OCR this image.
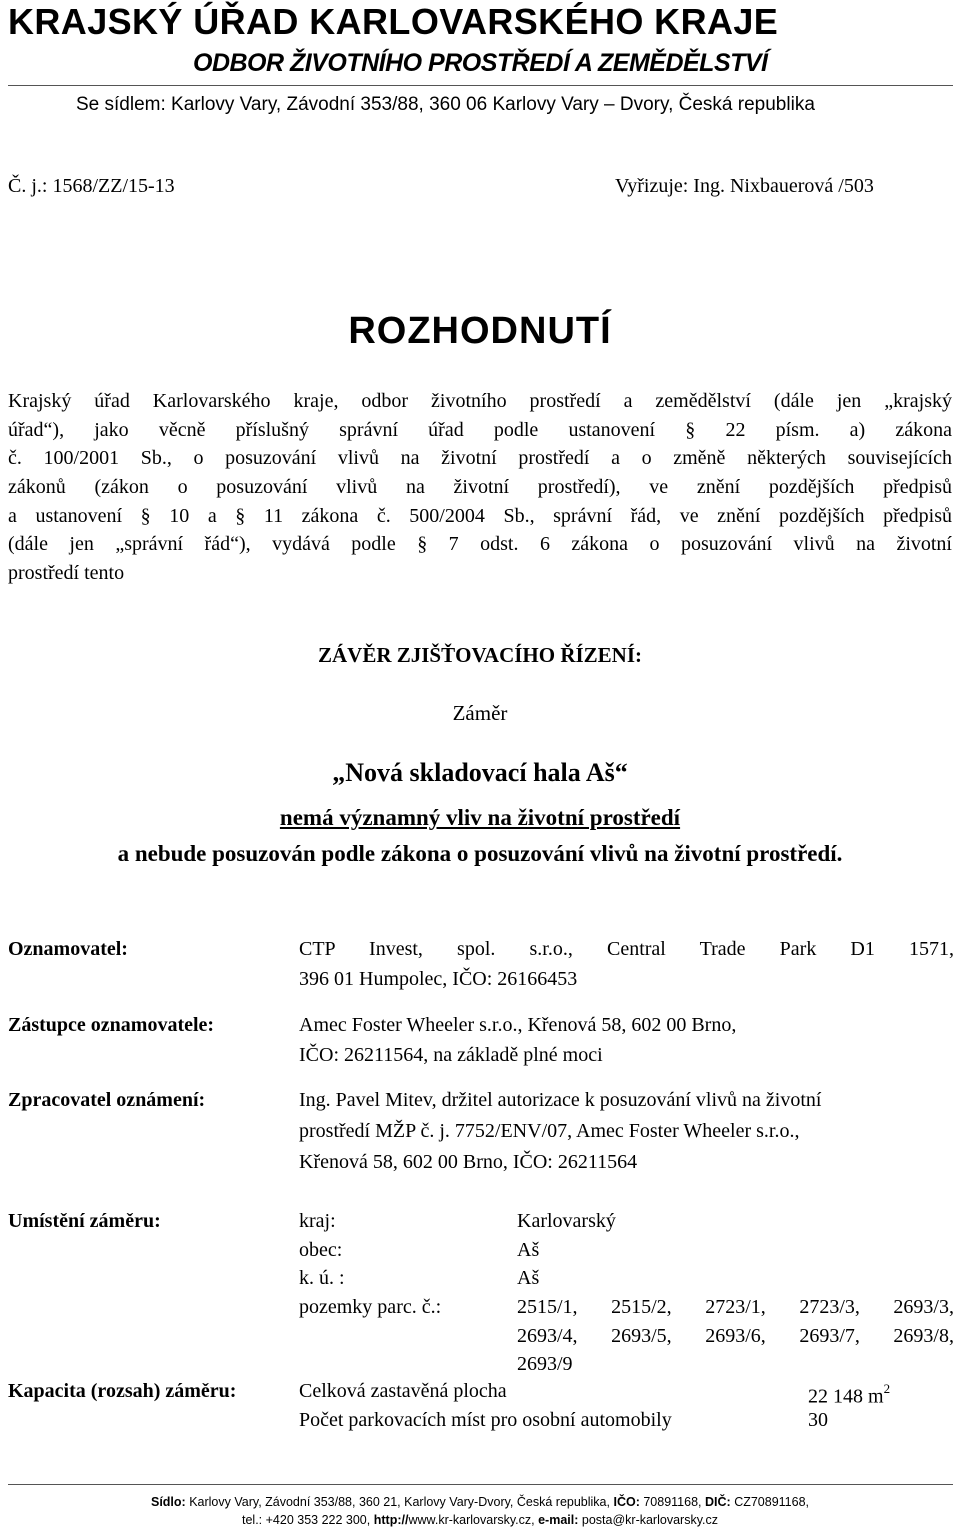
KRAJSKÝ ÚŘAD KARLOVARSKÉHO KRAJE
ODBOR ŽIVOTNÍHO PROSTŘEDÍ A ZEMĚDĚLSTVÍ
Se sídlem: Karlovy Vary, Závodní 353/88, 360 06 Karlovy Vary – Dvory, Česká republika
Č. j.: 1568/ZZ/15-13	Vyřizuje: Ing. Nixbauerová /503
ROZHODNUTÍ
Krajský úřad Karlovarského kraje, odbor životního prostředí a zemědělství (dále jen „krajský
úřad“), jako věcně příslušný správní úřad podle ustanovení § 22 písm. a) zákona
č. 100/2001 Sb., o posuzování vlivů na životní prostředí a o změně některých souvisejících
zákonů (zákon o posuzování vlivů na životní prostředí), ve znění pozdějších předpisů
a ustanovení § 10 a § 11 zákona č. 500/2004 Sb., správní řád, ve znění pozdějších předpisů
(dále jen „správní řád“), vydává podle § 7 odst. 6 zákona o posuzování vlivů na životní
prostředí tento
ZÁVĚR ZJIŠŤOVACÍHO ŘÍZENÍ:
Záměr
„Nová skladovací hala Aš“
nemá významný vliv na životní prostředí
a nebude posuzován podle zákona o posuzování vlivů na životní prostředí.
Oznamovatel:	CTP Invest, spol. s.r.o., Central Trade Park D1 1571,
396 01 Humpolec, IČO: 26166453
Zástupce oznamovatele:	Amec Foster Wheeler s.r.o., Křenová 58, 602 00 Brno,
IČO: 26211564, na základě plné moci
Zpracovatel oznámení:	Ing. Pavel Mitev, držitel autorizace k posuzování vlivů na životní
prostředí MŽP č. j. 7752/ENV/07, Amec Foster Wheeler s.r.o.,
Křenová 58, 602 00 Brno, IČO: 26211564
Umístění záměru:	kraj:	Karlovarský
obec:	Aš
k. ú. :	Aš
pozemky parc. č.:	2515/1, 2515/2, 2723/1, 2723/3, 2693/3,
2693/4, 2693/5, 2693/6, 2693/7, 2693/8,
2693/9
Kapacita (rozsah) záměru:	Celková zastavěná plocha	22 148 $m^2$
Počet parkovacích míst pro osobní automobily	30
Sídlo: Karlovy Vary, Závodní 353/88, 360 21, Karlovy Vary-Dvory, Česká republika, IČO: 70891168, DIČ: CZ70891168,
tel.: +420 353 222 300, http://www.kr-karlovarsky.cz, e-mail: posta@kr-karlovarsky.cz
